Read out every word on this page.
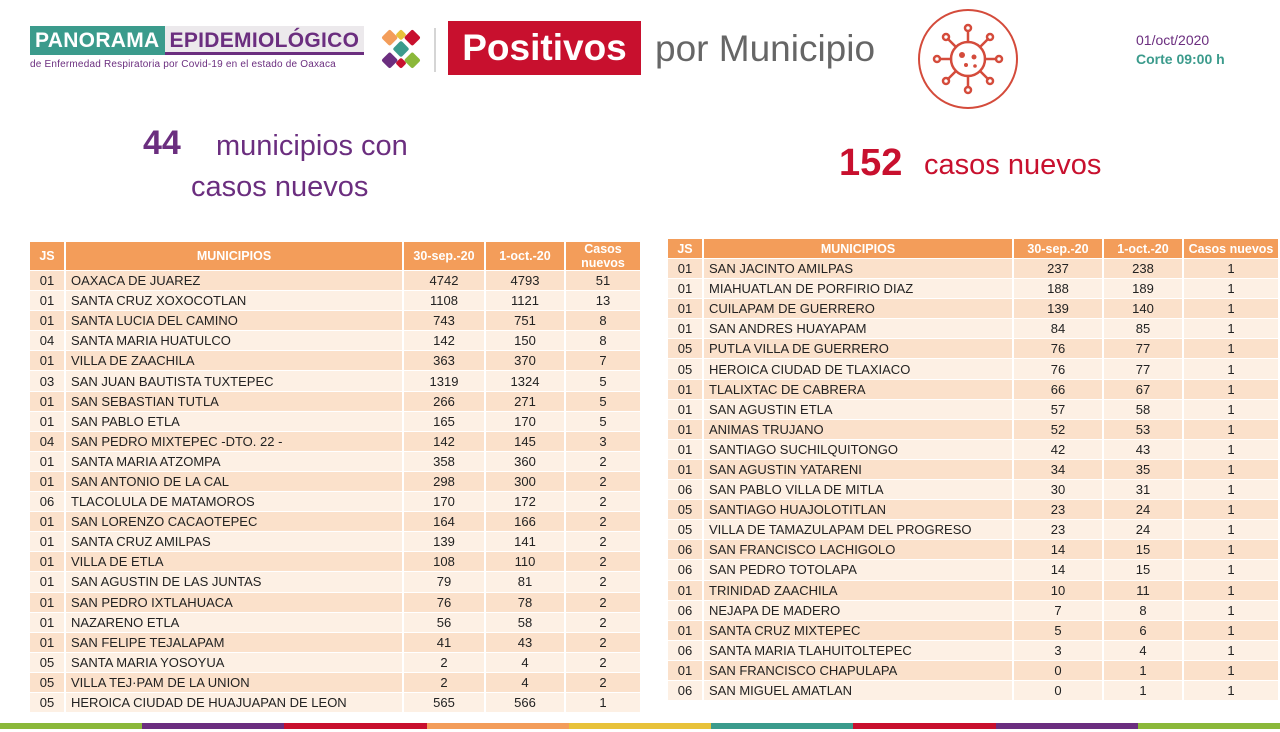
PANORAMA EPIDEMIOLÓGICO
de Enfermedad Respiratoria por Covid-19 en el estado de Oaxaca	Positivos por Municipio	01/oct/2020
Corte 09:00 h
44 municipios con
casos nuevos
152 casos nuevos
JS	MUNICIPIOS	30-sep.-20	1-oct.-20	Casos nuevos
01	OAXACA DE JUAREZ	4742	4793	51
01	SANTA CRUZ XOXOCOTLAN	1108	1121	13
01	SANTA LUCIA DEL CAMINO	743	751	8
04	SANTA MARIA HUATULCO	142	150	8
01	VILLA DE ZAACHILA	363	370	7
03	SAN JUAN BAUTISTA TUXTEPEC	1319	1324	5
01	SAN SEBASTIAN TUTLA	266	271	5
01	SAN PABLO ETLA	165	170	5
04	SAN PEDRO MIXTEPEC -DTO. 22 -	142	145	3
01	SANTA MARIA ATZOMPA	358	360	2
01	SAN ANTONIO DE LA CAL	298	300	2
06	TLACOLULA DE MATAMOROS	170	172	2
01	SAN LORENZO CACAOTEPEC	164	166	2
01	SANTA CRUZ AMILPAS	139	141	2
01	VILLA DE ETLA	108	110	2
01	SAN AGUSTIN DE LAS JUNTAS	79	81	2
01	SAN PEDRO IXTLAHUACA	76	78	2
01	NAZARENO ETLA	56	58	2
01	SAN FELIPE TEJALAPAM	41	43	2
05	SANTA MARIA YOSOYUA	2	4	2
05	VILLA TEJ·PAM DE LA UNION	2	4	2
05	HEROICA CIUDAD DE HUAJUAPAN DE LEON	565	566	1
JS	MUNICIPIOS	30-sep.-20	1-oct.-20	Casos nuevos
01	SAN JACINTO AMILPAS	237	238	1
01	MIAHUATLAN DE PORFIRIO DIAZ	188	189	1
01	CUILAPAM DE GUERRERO	139	140	1
01	SAN ANDRES HUAYAPAM	84	85	1
05	PUTLA VILLA DE GUERRERO	76	77	1
05	HEROICA CIUDAD DE TLAXIACO	76	77	1
01	TLALIXTAC DE CABRERA	66	67	1
01	SAN AGUSTIN ETLA	57	58	1
01	ANIMAS TRUJANO	52	53	1
01	SANTIAGO SUCHILQUITONGO	42	43	1
01	SAN AGUSTIN YATARENI	34	35	1
06	SAN PABLO VILLA DE MITLA	30	31	1
05	SANTIAGO HUAJOLOTITLAN	23	24	1
05	VILLA DE TAMAZULAPAM DEL PROGRESO	23	24	1
06	SAN FRANCISCO LACHIGOLO	14	15	1
06	SAN PEDRO TOTOLAPA	14	15	1
01	TRINIDAD ZAACHILA	10	11	1
06	NEJAPA DE MADERO	7	8	1
01	SANTA CRUZ MIXTEPEC	5	6	1
06	SANTA MARIA TLAHUITOLTEPEC	3	4	1
01	SAN FRANCISCO CHAPULAPA	0	1	1
06	SAN MIGUEL AMATLAN	0	1	1
